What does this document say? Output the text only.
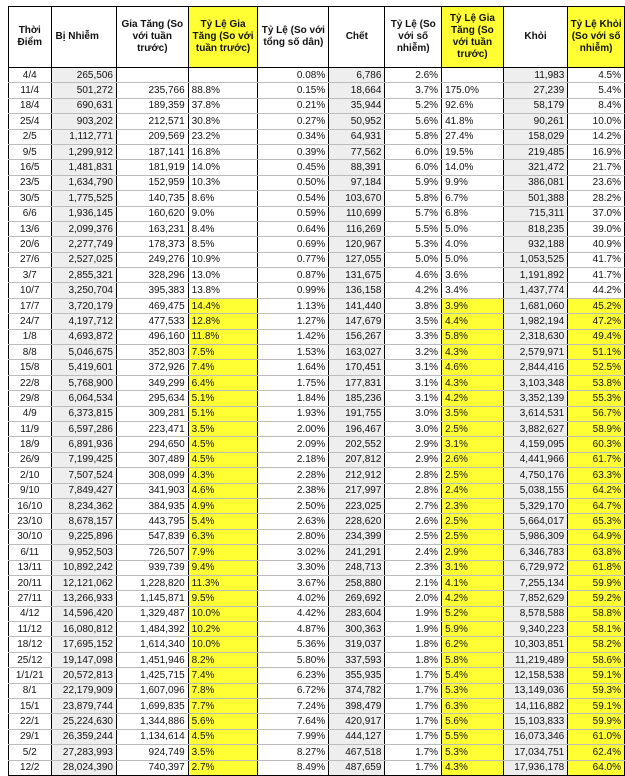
Thời Điểm	Bị Nhiễm	Gia Tăng (So với tuần trước)	Tỷ Lệ Gia Tăng (So với tuần trước)	Tỷ Lệ (So với tổng số dân)	Chết	Tỷ Lệ (So với số nhiễm)	Tỷ Lệ Gia Tăng (So với tuần trước)	Khỏi	Tỷ Lệ Khỏi (So với số nhiễm)
4/4	265,506			0.08%	6,786	2.6%		11,983	4.5%
11/4	501,272	235,766	88.8%	0.15%	18,664	3.7%	175.0%	27,239	5.4%
18/4	690,631	189,359	37.8%	0.21%	35,944	5.2%	92.6%	58,179	8.4%
25/4	903,202	212,571	30.8%	0.27%	50,952	5.6%	41.8%	90,261	10.0%
2/5	1,112,771	209,569	23.2%	0.34%	64,931	5.8%	27.4%	158,029	14.2%
9/5	1,299,912	187,141	16.8%	0.39%	77,562	6.0%	19.5%	219,485	16.9%
16/5	1,481,831	181,919	14.0%	0.45%	88,391	6.0%	14.0%	321,472	21.7%
23/5	1,634,790	152,959	10.3%	0.50%	97,184	5.9%	9.9%	386,081	23.6%
30/5	1,775,525	140,735	8.6%	0.54%	103,670	5.8%	6.7%	501,388	28.2%
6/6	1,936,145	160,620	9.0%	0.59%	110,699	5.7%	6.8%	715,311	37.0%
13/6	2,099,376	163,231	8.4%	0.64%	116,269	5.5%	5.0%	818,235	39.0%
20/6	2,277,749	178,373	8.5%	0.69%	120,967	5.3%	4.0%	932,188	40.9%
27/6	2,527,025	249,276	10.9%	0.77%	127,055	5.0%	5.0%	1,053,525	41.7%
3/7	2,855,321	328,296	13.0%	0.87%	131,675	4.6%	3.6%	1,191,892	41.7%
10/7	3,250,704	395,383	13.8%	0.99%	136,158	4.2%	3.4%	1,437,774	44.2%
17/7	3,720,179	469,475	14.4%	1.13%	141,440	3.8%	3.9%	1,681,060	45.2%
24/7	4,197,712	477,533	12.8%	1.27%	147,679	3.5%	4.4%	1,982,194	47.2%
1/8	4,693,872	496,160	11.8%	1.42%	156,267	3.3%	5.8%	2,318,630	49.4%
8/8	5,046,675	352,803	7.5%	1.53%	163,027	3.2%	4.3%	2,579,971	51.1%
15/8	5,419,601	372,926	7.4%	1.64%	170,451	3.1%	4.6%	2,844,416	52.5%
22/8	5,768,900	349,299	6.4%	1.75%	177,831	3.1%	4.3%	3,103,348	53.8%
29/8	6,064,534	295,634	5.1%	1.84%	185,236	3.1%	4.2%	3,352,139	55.3%
4/9	6,373,815	309,281	5.1%	1.93%	191,755	3.0%	3.5%	3,614,531	56.7%
11/9	6,597,286	223,471	3.5%	2.00%	196,467	3.0%	2.5%	3,882,627	58.9%
18/9	6,891,936	294,650	4.5%	2.09%	202,552	2.9%	3.1%	4,159,095	60.3%
26/9	7,199,425	307,489	4.5%	2.18%	207,812	2.9%	2.6%	4,441,966	61.7%
2/10	7,507,524	308,099	4.3%	2.28%	212,912	2.8%	2.5%	4,750,176	63.3%
9/10	7,849,427	341,903	4.6%	2.38%	217,997	2.8%	2.4%	5,038,155	64.2%
16/10	8,234,362	384,935	4.9%	2.50%	223,025	2.7%	2.3%	5,329,170	64.7%
23/10	8,678,157	443,795	5.4%	2.63%	228,620	2.6%	2.5%	5,664,017	65.3%
30/10	9,225,896	547,839	6.3%	2.80%	234,399	2.5%	2.5%	5,986,309	64.9%
6/11	9,952,503	726,507	7.9%	3.02%	241,291	2.4%	2.9%	6,346,783	63.8%
13/11	10,892,242	939,739	9.4%	3.30%	248,713	2.3%	3.1%	6,729,972	61.8%
20/11	12,121,062	1,228,820	11.3%	3.67%	258,880	2.1%	4.1%	7,255,134	59.9%
27/11	13,266,933	1,145,871	9.5%	4.02%	269,692	2.0%	4.2%	7,852,629	59.2%
4/12	14,596,420	1,329,487	10.0%	4.42%	283,604	1.9%	5.2%	8,578,588	58.8%
11/12	16,080,812	1,484,392	10.2%	4.87%	300,363	1.9%	5.9%	9,340,223	58.1%
18/12	17,695,152	1,614,340	10.0%	5.36%	319,037	1.8%	6.2%	10,303,851	58.2%
25/12	19,147,098	1,451,946	8.2%	5.80%	337,593	1.8%	5.8%	11,219,489	58.6%
1/1/21	20,572,813	1,425,715	7.4%	6.23%	355,935	1.7%	5.4%	12,158,538	59.1%
8/1	22,179,909	1,607,096	7.8%	6.72%	374,782	1.7%	5.3%	13,149,036	59.3%
15/1	23,879,744	1,699,835	7.7%	7.24%	398,479	1.7%	6.3%	14,116,882	59.1%
22/1	25,224,630	1,344,886	5.6%	7.64%	420,917	1.7%	5.6%	15,103,833	59.9%
29/1	26,359,244	1,134,614	4.5%	7.99%	444,127	1.7%	5.5%	16,073,346	61.0%
5/2	27,283,993	924,749	3.5%	8.27%	467,518	1.7%	5.3%	17,034,751	62.4%
12/2	28,024,390	740,397	2.7%	8.49%	487,659	1.7%	4.3%	17,936,178	64.0%
